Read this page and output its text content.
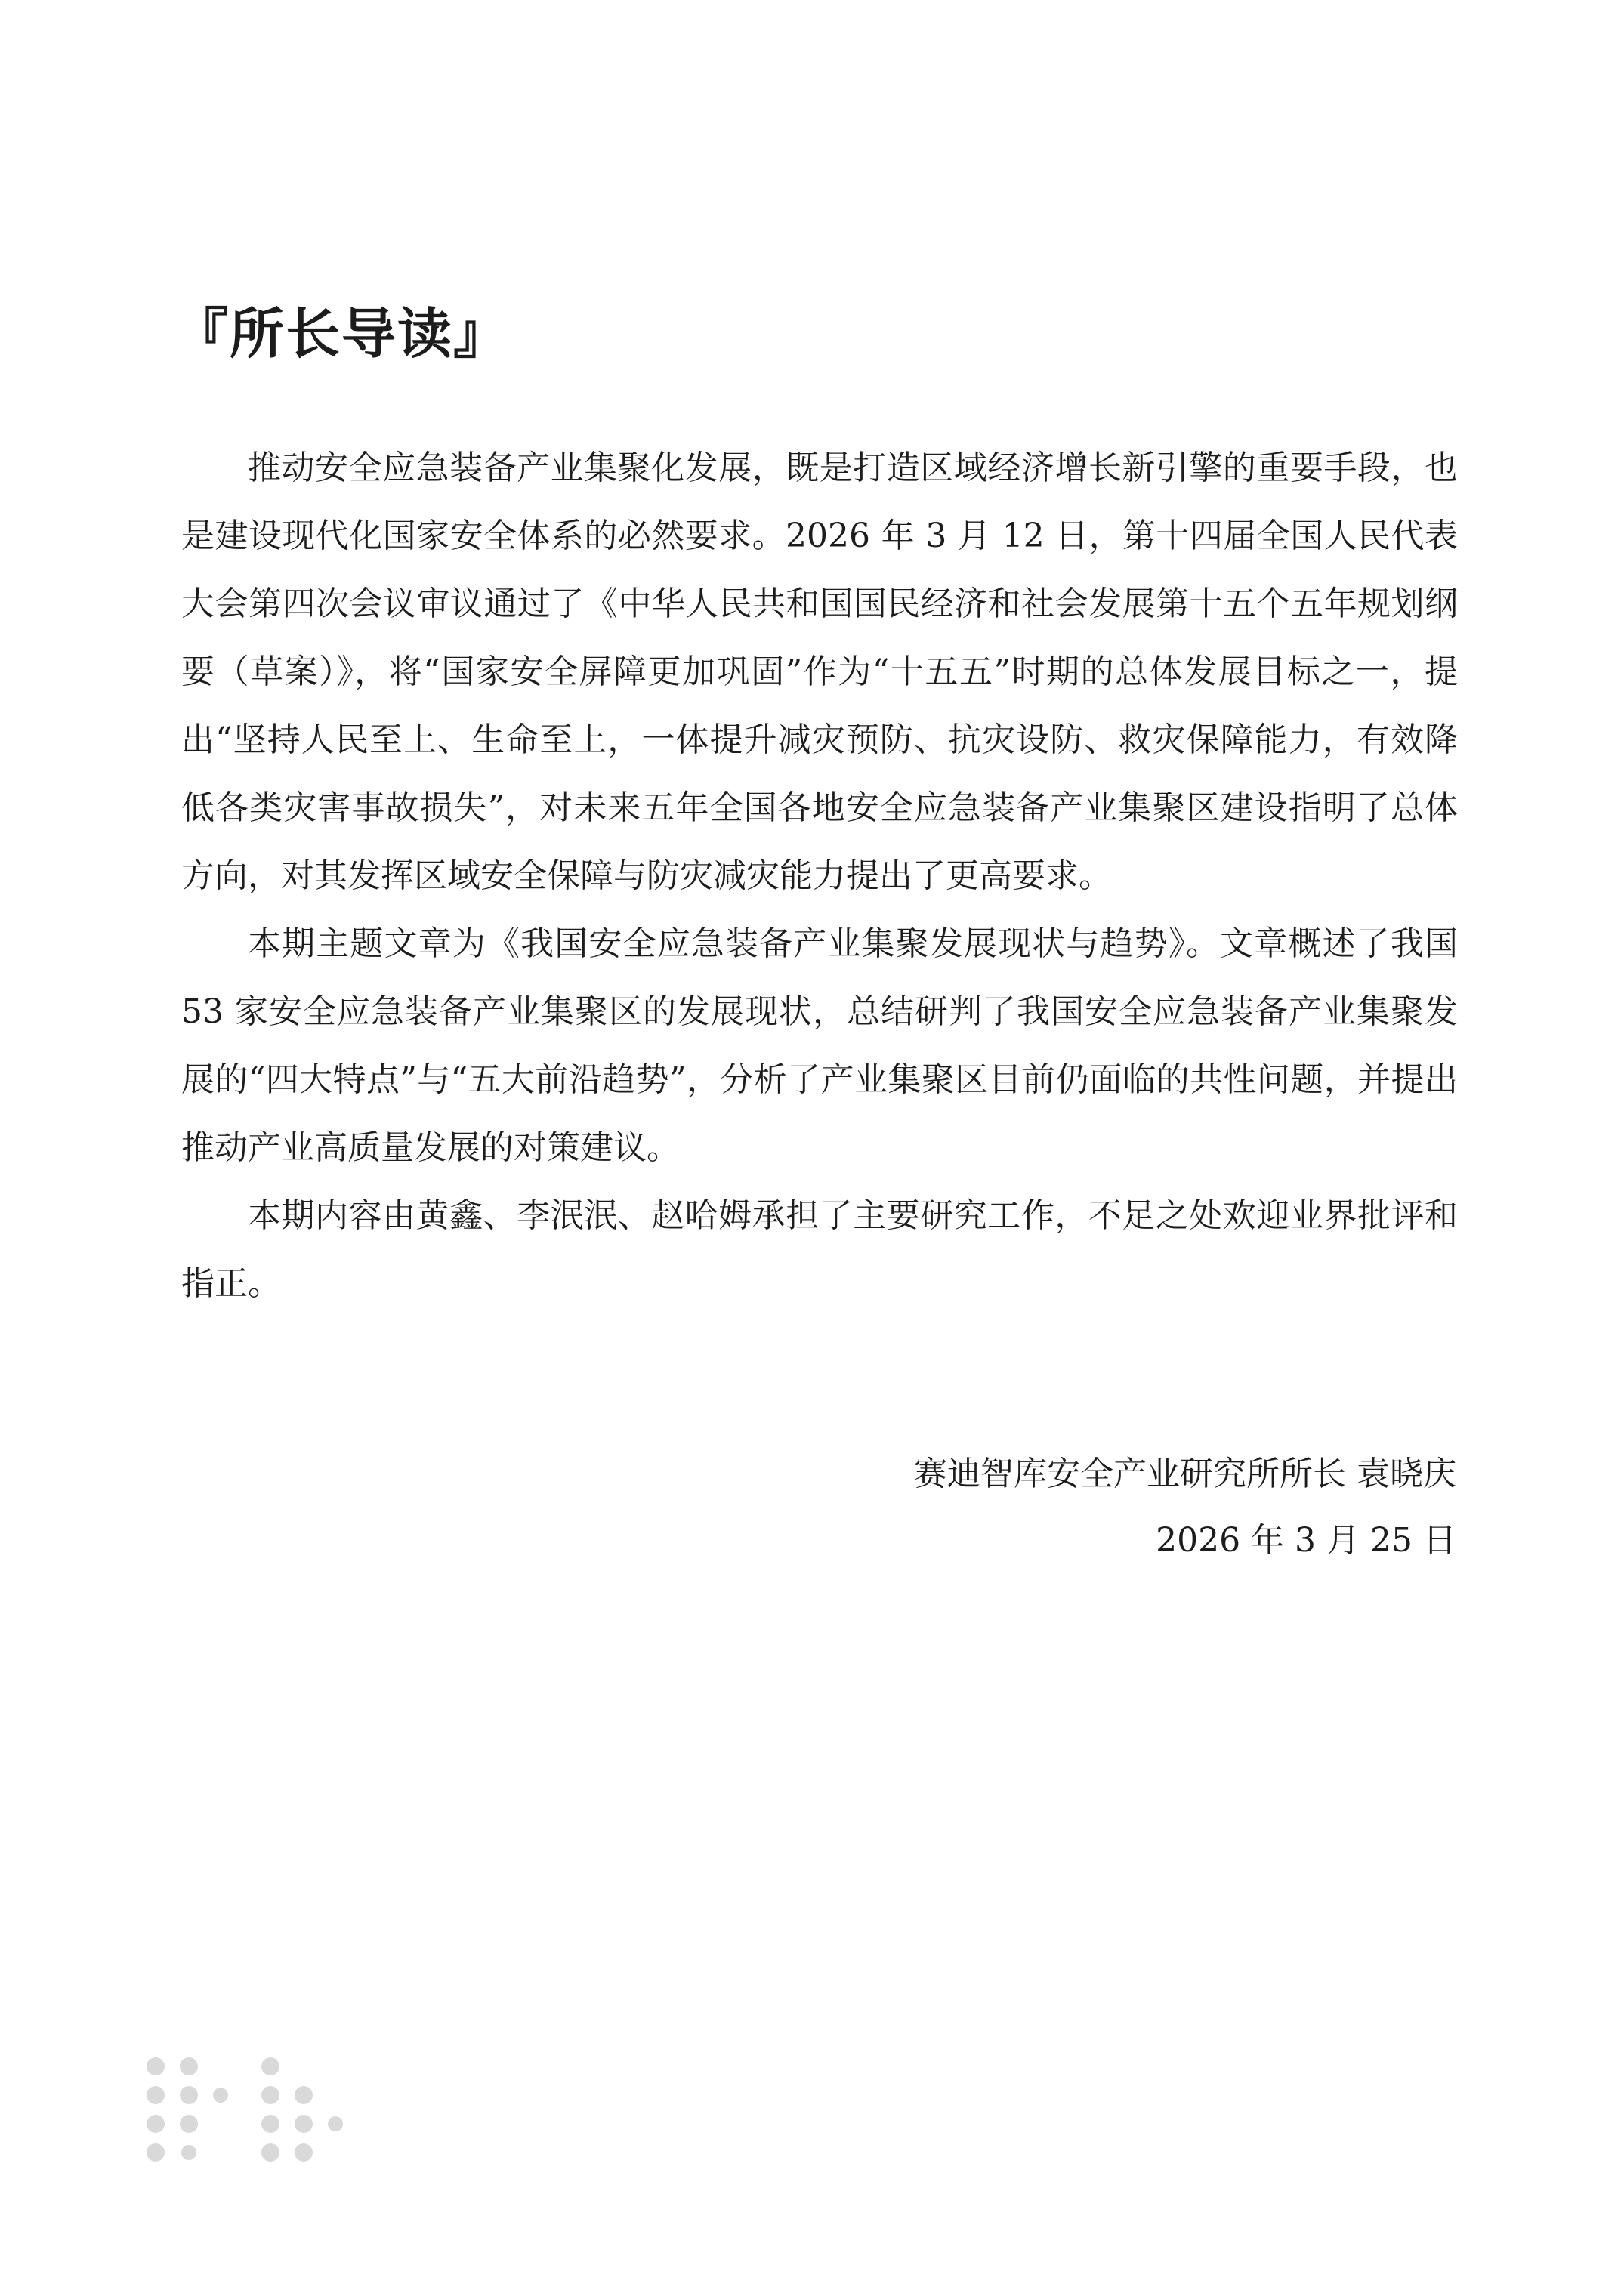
『所长导读』

推动安全应急装备产业集聚化发展，既是打造区域经济增长新引擎的重要手段，也是建设现代化国家安全体系的必然要求。2026 年 3 月 12 日，第十四届全国人民代表大会第四次会议审议通过了《中华人民共和国国民经济和社会发展第十五个五年规划纲要（草案）》，将“国家安全屏障更加巩固”作为“十五五”时期的总体发展目标之一，提出“坚持人民至上、生命至上，一体提升减灾预防、抗灾设防、救灾保障能力，有效降低各类灾害事故损失”，对未来五年全国各地安全应急装备产业集聚区建设指明了总体方向，对其发挥区域安全保障与防灾减灾能力提出了更高要求。

本期主题文章为《我国安全应急装备产业集聚发展现状与趋势》。文章概述了我国 53 家安全应急装备产业集聚区的发展现状，总结研判了我国安全应急装备产业集聚发展的“四大特点”与“五大前沿趋势”，分析了产业集聚区目前仍面临的共性问题，并提出推动产业高质量发展的对策建议。

本期内容由黄鑫、李泯泯、赵哈姆承担了主要研究工作，不足之处欢迎业界批评和指正。

赛迪智库安全产业研究所所长 袁晓庆
2026 年 3 月 25 日
